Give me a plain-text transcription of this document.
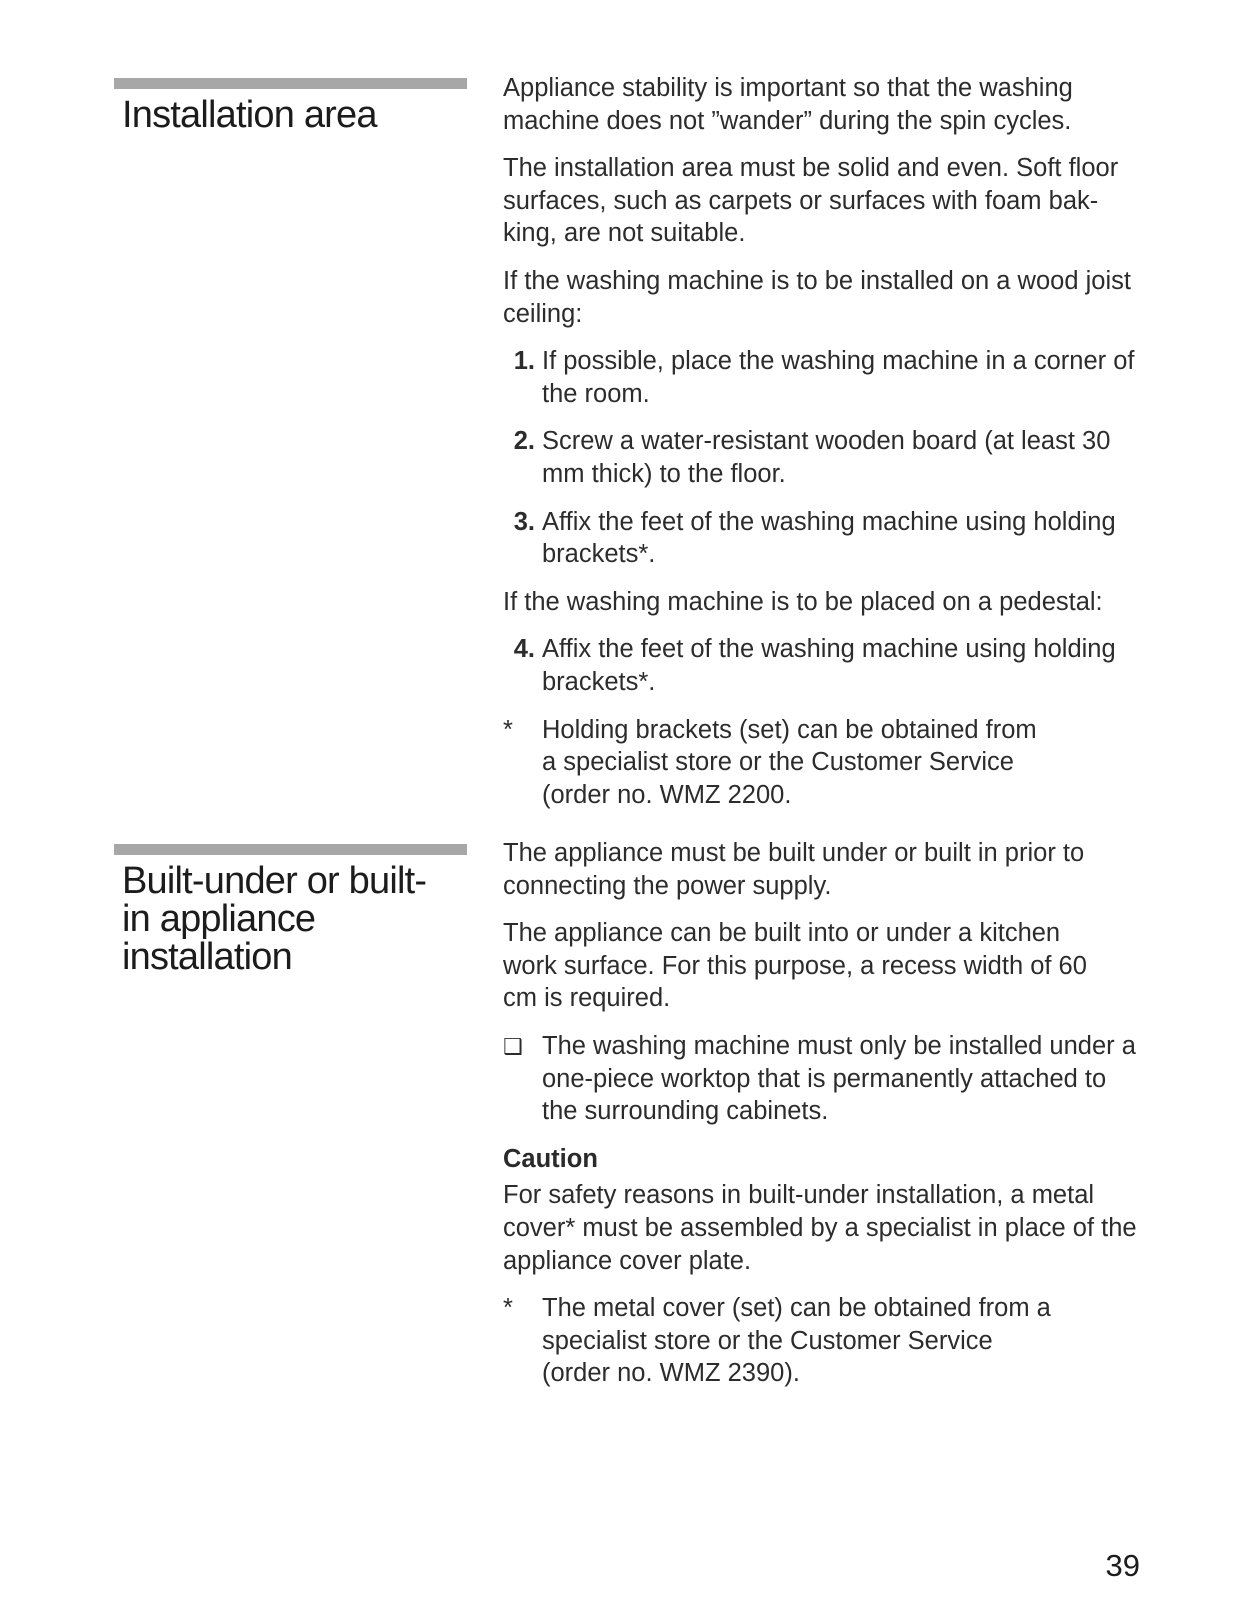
Installation area

Appliance stability is important so that the washing machine does not ”wander” during the spin cycles.

The installation area must be solid and even. Soft floor surfaces, such as carpets or surfaces with foam bak-king, are not suitable.

If the washing machine is to be installed on a wood joist ceiling:

1. If possible, place the washing machine in a corner of the room.
2. Screw a water-resistant wooden board (at least 30 mm thick) to the floor.
3. Affix the feet of the washing machine using holding brackets*.

If the washing machine is to be placed on a pedestal:

4. Affix the feet of the washing machine using holding brackets*.
*	Holding brackets (set) can be obtained from a specialist store or the Customer Service (order no. WMZ 2200.
Built-under or built-in appliance installation

The appliance must be built under or built in prior to connecting the power supply.

The appliance can be built into or under a kitchen work surface. For this purpose, a recess width of 60 cm is required.

❑ The washing machine must only be installed under a one-piece worktop that is permanently attached to the surrounding cabinets.
Caution

For safety reasons in built-under installation, a metal cover* must be assembled by a specialist in place of the appliance cover plate.

*	The metal cover (set) can be obtained from a specialist store or the Customer Service (order no. WMZ 2390).
39
